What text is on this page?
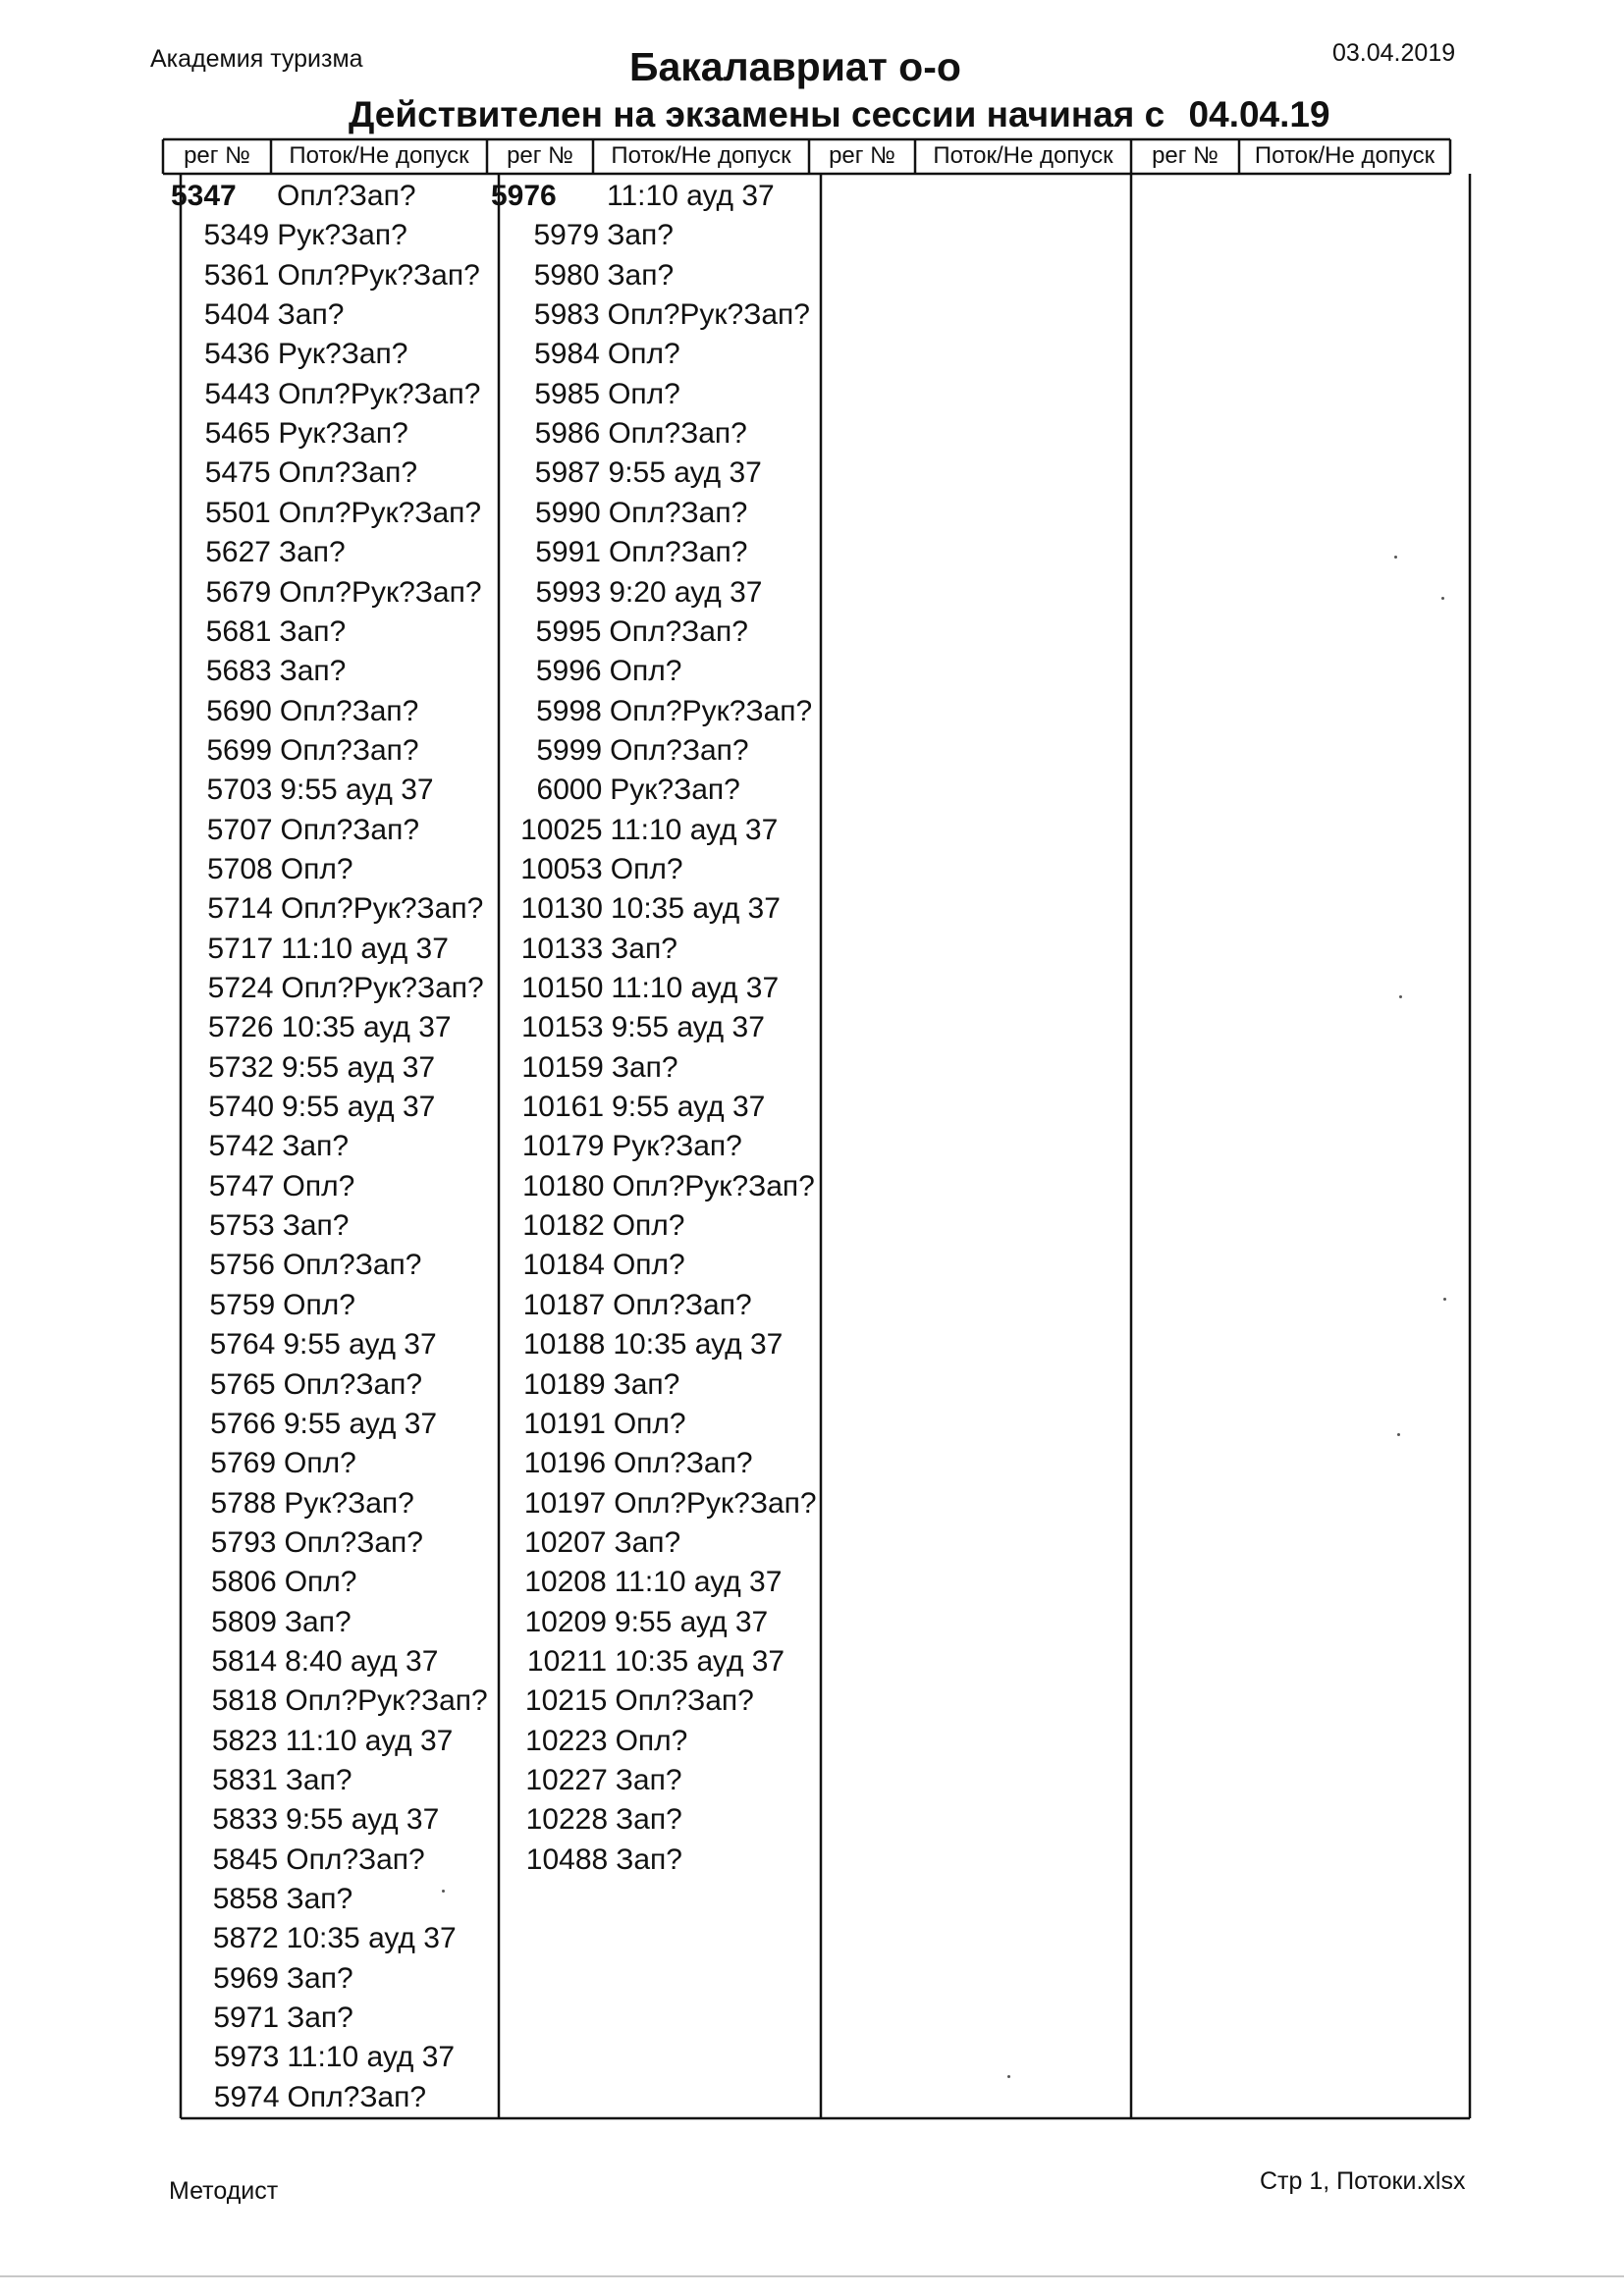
Академия туризма	Бакалавриат о-о	03.04.2019
Действителен на экзамены сессии начиная с 04.04.19
рег №	Поток/Не допуск	рег №	Поток/Не допуск	рег №	Поток/Не допуск	рег №	Поток/Не допуск
5347 Опл?Зап?
5349 Рук?Зап?
5361 Опл?Рук?Зап?
5404 Зап?
5436 Рук?Зап?
5443 Опл?Рук?Зап?
5465 Рук?Зап?
5475 Опл?Зап?
5501 Опл?Рук?Зап?
5627 Зап?
5679 Опл?Рук?Зап?
5681 Зап?
5683 Зап?
5690 Опл?Зап?
5699 Опл?Зап?
5703 9:55 ауд 37
5707 Опл?Зап?
5708 Опл?
5714 Опл?Рук?Зап?
5717 11:10 ауд 37
5724 Опл?Рук?Зап?
5726 10:35 ауд 37
5732 9:55 ауд 37
5740 9:55 ауд 37
5742 Зап?
5747 Опл?
5753 Зап?
5756 Опл?Зап?
5759 Опл?
5764 9:55 ауд 37
5765 Опл?Зап?
5766 9:55 ауд 37
5769 Опл?
5788 Рук?Зап?
5793 Опл?Зап?
5806 Опл?
5809 Зап?
5814 8:40 ауд 37
5818 Опл?Рук?Зап?
5823 11:10 ауд 37
5831 Зап?
5833 9:55 ауд 37
5845 Опл?Зап?
5858 Зап?
5872 10:35 ауд 37
5969 Зап?
5971 Зап?
5973 11:10 ауд 37
5974 Опл?Зап?
5976 11:10 ауд 37
5979 Зап?
5980 Зап?
5983 Опл?Рук?Зап?
5984 Опл?
5985 Опл?
5986 Опл?Зап?
5987 9:55 ауд 37
5990 Опл?Зап?
5991 Опл?Зап?
5993 9:20 ауд 37
5995 Опл?Зап?
5996 Опл?
5998 Опл?Рук?Зап?
5999 Опл?Зап?
6000 Рук?Зап?
10025 11:10 ауд 37
10053 Опл?
10130 10:35 ауд 37
10133 Зап?
10150 11:10 ауд 37
10153 9:55 ауд 37
10159 Зап?
10161 9:55 ауд 37
10179 Рук?Зап?
10180 Опл?Рук?Зап?
10182 Опл?
10184 Опл?
10187 Опл?Зап?
10188 10:35 ауд 37
10189 Зап?
10191 Опл?
10196 Опл?Зап?
10197 Опл?Рук?Зап?
10207 Зап?
10208 11:10 ауд 37
10209 9:55 ауд 37
10211 10:35 ауд 37
10215 Опл?Зап?
10223 Опл?
10227 Зап?
10228 Зап?
10488 Зап?
Методист	Стр 1, Потоки.xlsx
